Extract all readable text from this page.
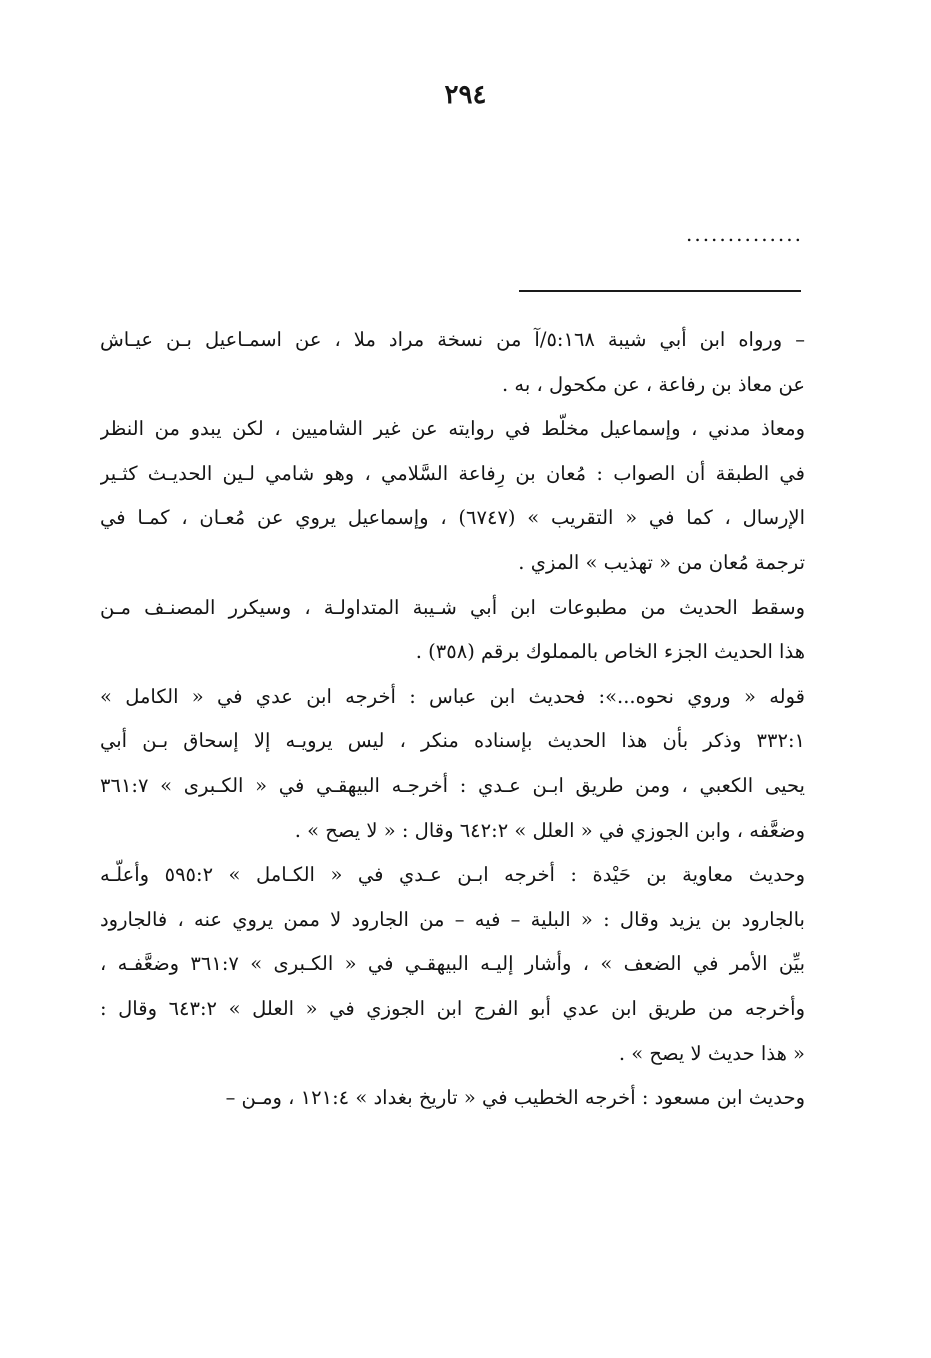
٢٩٤
..............
– ورواه ابن أبي شيبة ٥:١٦٨/آ من نسخة مراد ملا ، عن اسمـاعيل بـن عيـاش
عن معاذ بن رفاعة ، عن مكحول ، به .
ومعاذ مدني ، وإسماعيل مخلّط في روايته عن غير الشاميين ، لكن يبدو من النظر
في الطبقة أن الصواب : مُعان بن رِفاعة السَّلامي ، وهو شامي لـين الحديـث كثـير
الإرسال ، كما في « التقريب » (٦٧٤٧) ، وإسماعيل يروي عن مُعـان ، كمـا في
ترجمة مُعان من « تهذيب » المزي .
وسقط الحديث من مطبوعات ابن أبي شـيبة المتداولـة ، وسيكرر المصنـف مـن
هذا الحديث الجزء الخاص بالمملوك برقم (٣٥٨) .
قوله « وروي نحوه...»: فحديث ابن عباس : أخرجه ابن عدي في « الكامل »
٣٣٢:١ وذكر بأن هذا الحديث بإسناده منكر ، ليس يرويـه إلا إسحاق بـن أبي
يحيى الكعبي ، ومن طريق ابـن عـدي : أخرجـه البيهقـي في « الكـبرى » ٣٦١:٧
وضعَّفه ، وابن الجوزي في « العلل » ٦٤٢:٢ وقال : « لا يصح » .
وحديث معاوية بن حَيْدة : أخرجه ابـن عـدي في « الكـامل » ٥٩٥:٢ وأعلّـه
بالجارود بن يزيد وقال : « البلية – فيه – من الجارود لا ممن يروي عنه ، فالجارود
بيِّن الأمر في الضعف » ، وأشار إليـه البيهقـي في « الكـبرى » ٣٦١:٧ وضعَّفـه ،
وأخرجه من طريق ابن عدي أبو الفرج ابن الجوزي في « العلل » ٦٤٣:٢ وقال :
« هذا حديث لا يصح » .
وحديث ابن مسعود : أخرجه الخطيب في « تاريخ بغداد » ١٢١:٤ ، ومـن –
